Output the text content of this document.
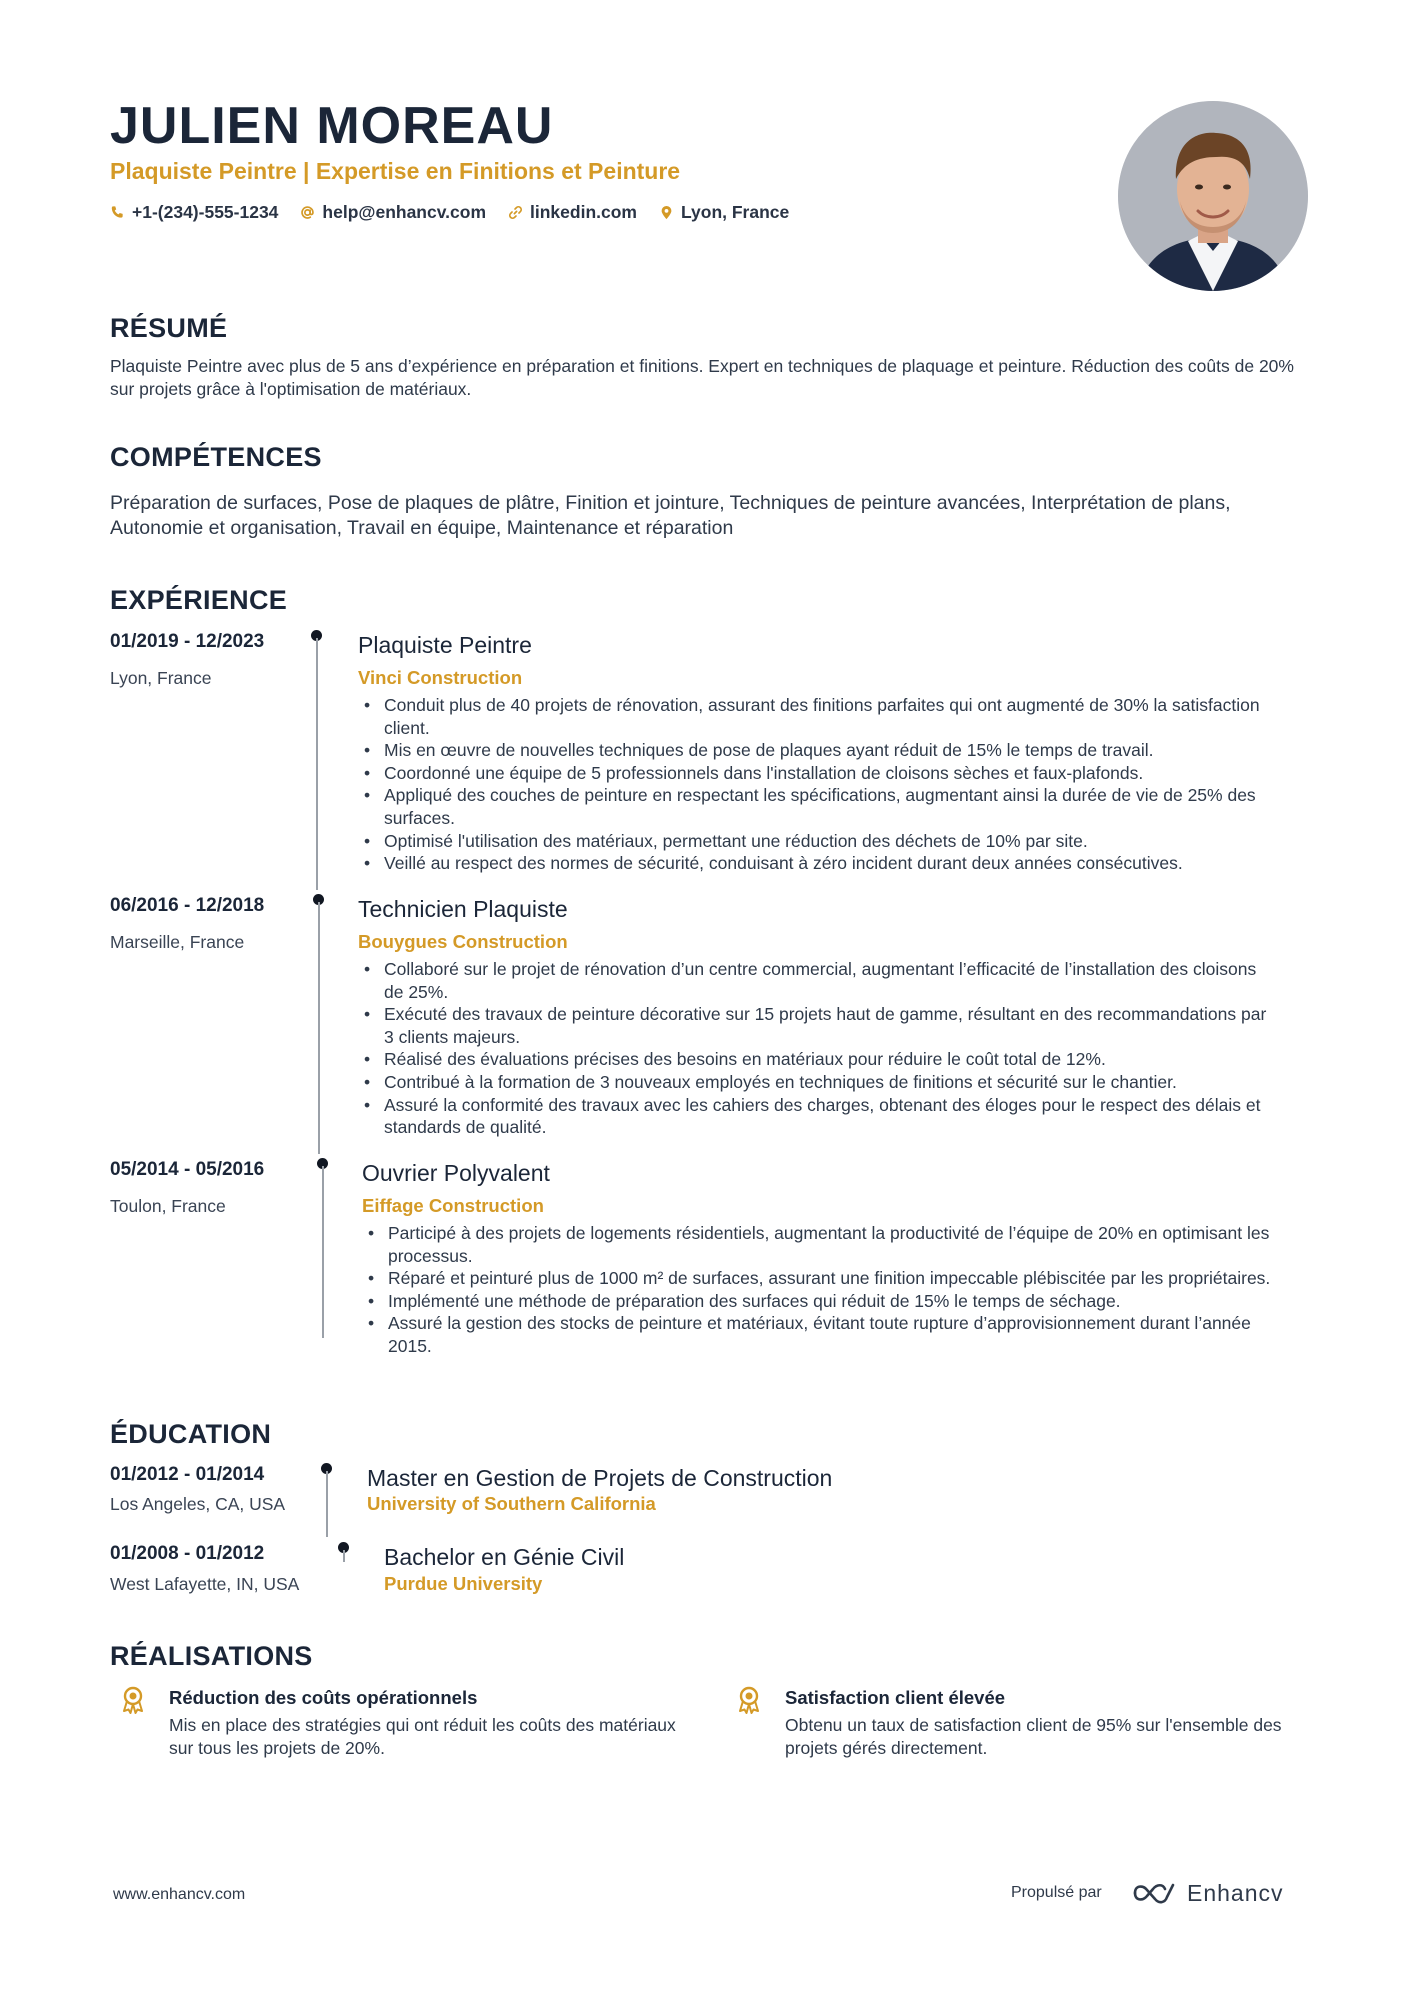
JULIEN MOREAU
Plaquiste Peintre | Expertise en Finitions et Peinture
+1-(234)-555-1234	help@enhancv.com	linkedin.com	Lyon, France
RÉSUMÉ
Plaquiste Peintre avec plus de 5 ans d’expérience en préparation et finitions. Expert en techniques de plaquage et peinture. Réduction des coûts de 20% sur projets grâce à l'optimisation de matériaux.
COMPÉTENCES
Préparation de surfaces, Pose de plaques de plâtre, Finition et jointure, Techniques de peinture avancées, Interprétation de plans, Autonomie et organisation, Travail en équipe, Maintenance et réparation
EXPÉRIENCE
01/2019 - 12/2023
Lyon, France
Plaquiste Peintre
Vinci Construction
• Conduit plus de 40 projets de rénovation, assurant des finitions parfaites qui ont augmenté de 30% la satisfaction client.
• Mis en œuvre de nouvelles techniques de pose de plaques ayant réduit de 15% le temps de travail.
• Coordonné une équipe de 5 professionnels dans l'installation de cloisons sèches et faux-plafonds.
• Appliqué des couches de peinture en respectant les spécifications, augmentant ainsi la durée de vie de 25% des surfaces.
• Optimisé l'utilisation des matériaux, permettant une réduction des déchets de 10% par site.
• Veillé au respect des normes de sécurité, conduisant à zéro incident durant deux années consécutives.
06/2016 - 12/2018
Marseille, France
Technicien Plaquiste
Bouygues Construction
• Collaboré sur le projet de rénovation d’un centre commercial, augmentant l’efficacité de l’installation des cloisons de 25%.
• Exécuté des travaux de peinture décorative sur 15 projets haut de gamme, résultant en des recommandations par 3 clients majeurs.
• Réalisé des évaluations précises des besoins en matériaux pour réduire le coût total de 12%.
• Contribué à la formation de 3 nouveaux employés en techniques de finitions et sécurité sur le chantier.
• Assuré la conformité des travaux avec les cahiers des charges, obtenant des éloges pour le respect des délais et standards de qualité.
05/2014 - 05/2016
Toulon, France
Ouvrier Polyvalent
Eiffage Construction
• Participé à des projets de logements résidentiels, augmentant la productivité de l’équipe de 20% en optimisant les processus.
• Réparé et peinturé plus de 1000 m² de surfaces, assurant une finition impeccable plébiscitée par les propriétaires.
• Implémenté une méthode de préparation des surfaces qui réduit de 15% le temps de séchage.
• Assuré la gestion des stocks de peinture et matériaux, évitant toute rupture d’approvisionnement durant l’année 2015.
ÉDUCATION
01/2012 - 01/2014
Los Angeles, CA, USA
Master en Gestion de Projets de Construction
University of Southern California
01/2008 - 01/2012
West Lafayette, IN, USA
Bachelor en Génie Civil
Purdue University
RÉALISATIONS
Réduction des coûts opérationnels
Mis en place des stratégies qui ont réduit les coûts des matériaux sur tous les projets de 20%.
Satisfaction client élevée
Obtenu un taux de satisfaction client de 95% sur l'ensemble des projets gérés directement.
www.enhancv.com	Propulsé par	Enhancv
